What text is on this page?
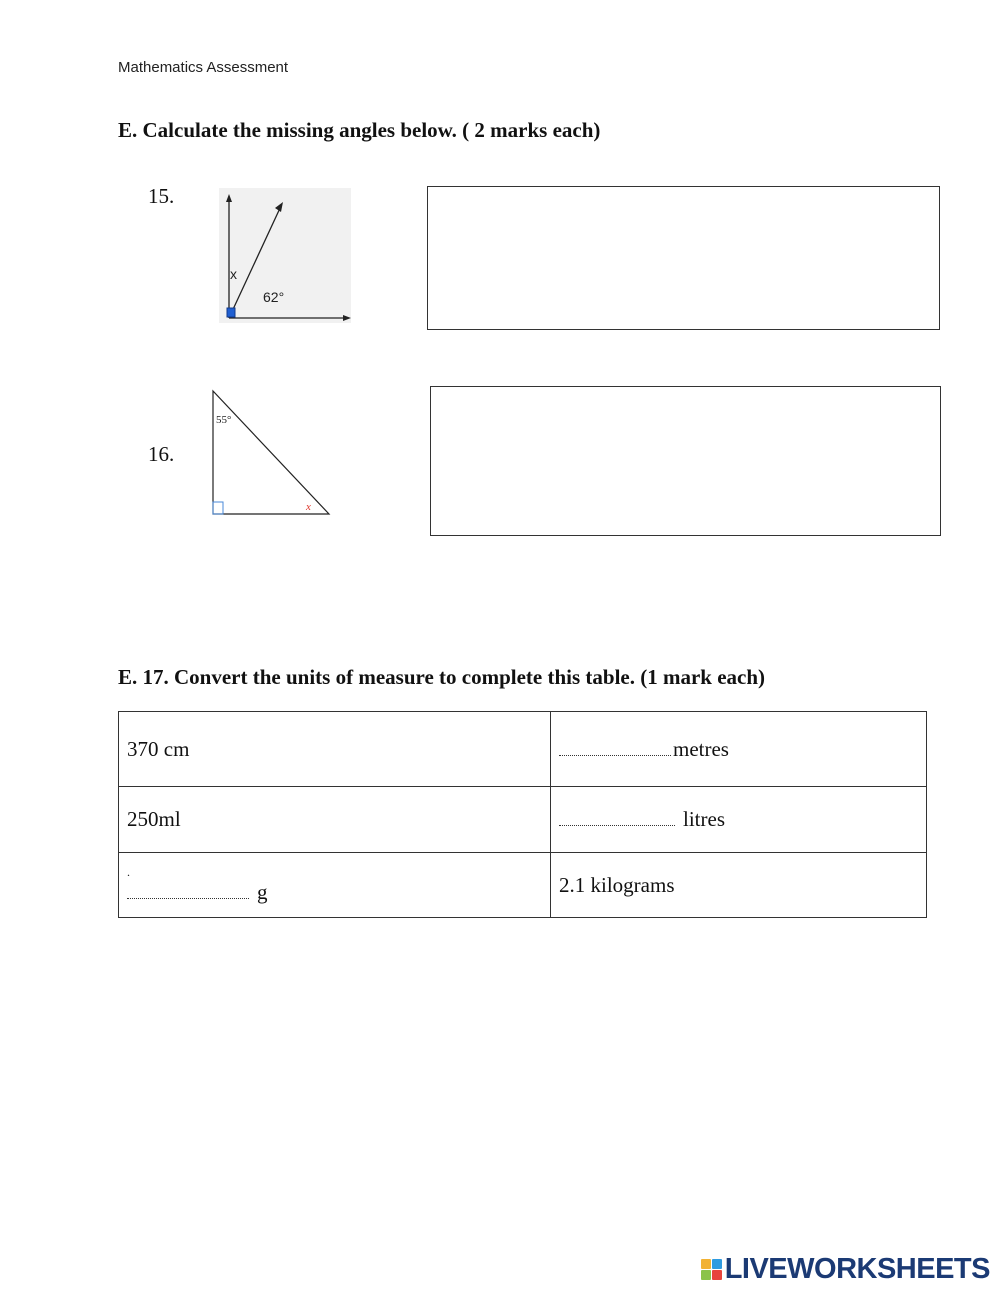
Mathematics Assessment
E. Calculate the missing angles below. ( 2 marks each)
15.
x
62°
16.
55°
x
E. 17. Convert the units of measure to complete this table. (1 mark each)
370 cm	metres
250ml	litres

.
g	2.1 kilograms
LIVEWORKSHEETS
